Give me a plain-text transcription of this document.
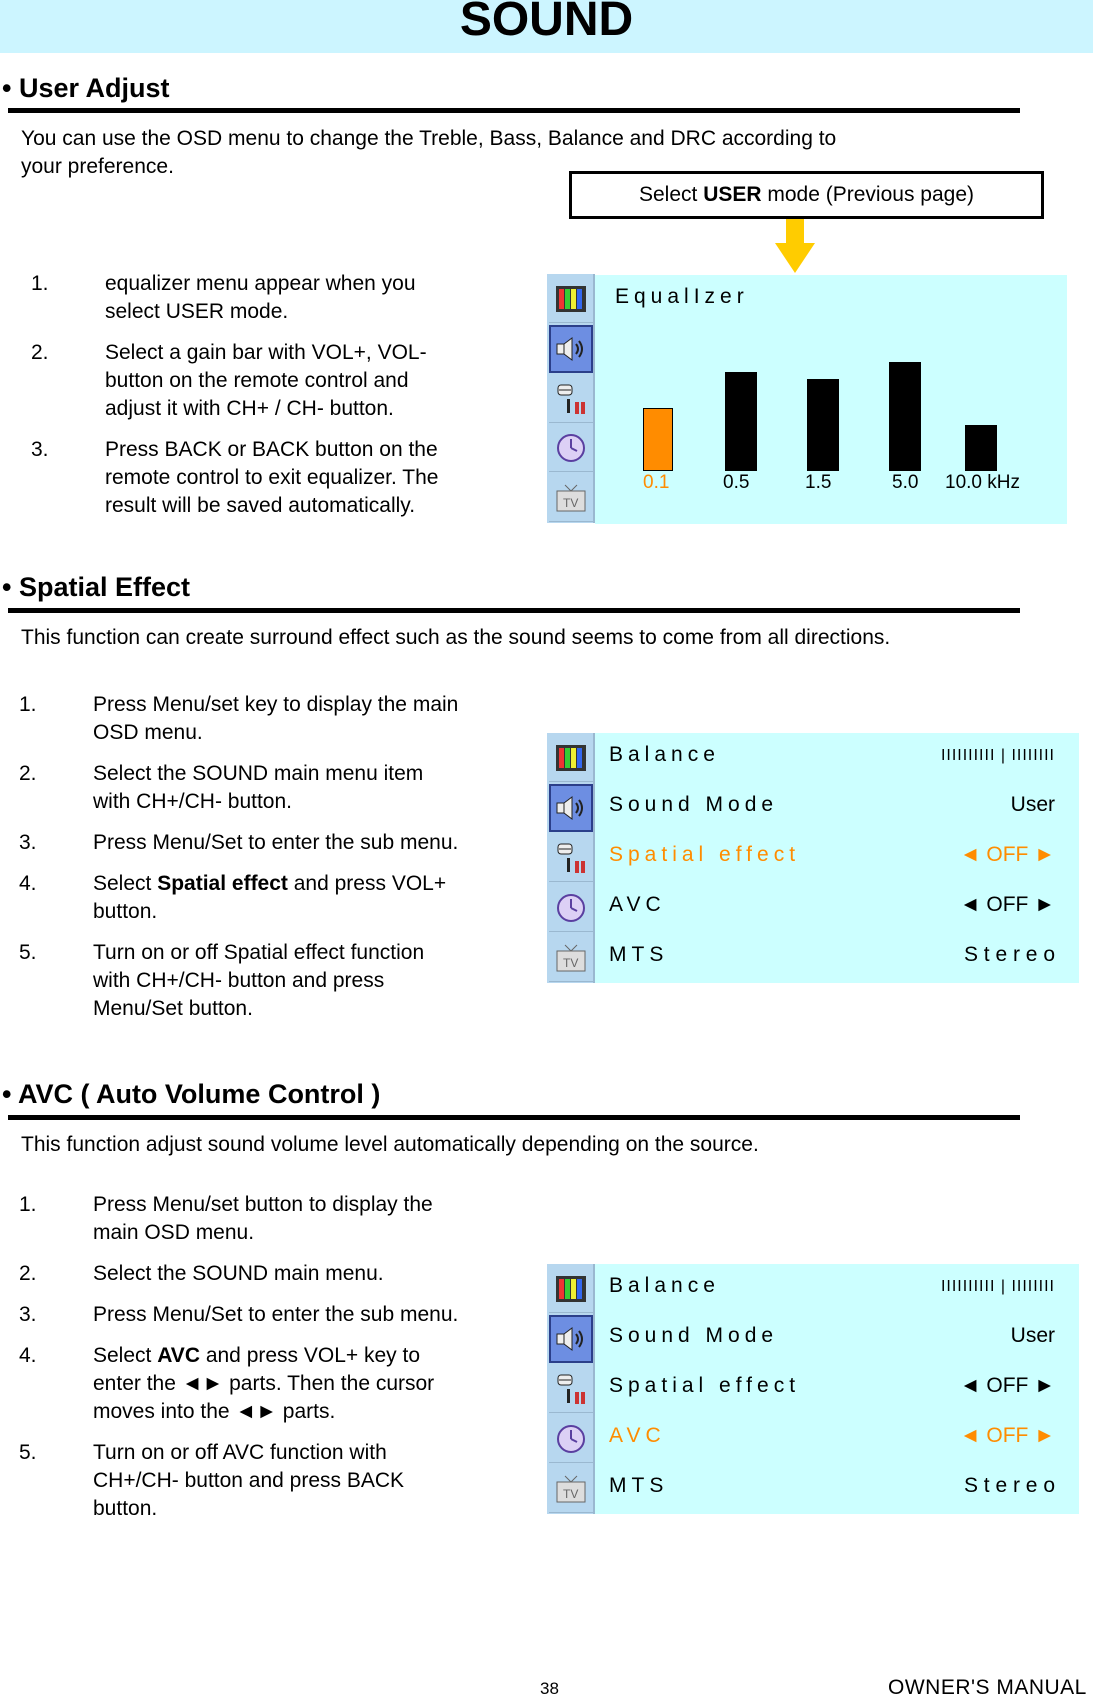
SOUND
• User Adjust
You can use the OSD menu to change the Treble, Bass, Balance and DRC according to
your preference.
Select USER mode (Previous page)
1.	equalizer menu appear when you
select USER mode.
2.	Select a gain bar with VOL+, VOL-
button on the remote control and
adjust it with CH+ / CH- button.
3.	Press BACK or BACK button on the
remote control to exit equalizer. The
result will be saved automatically.	TV
EqualIzer
0.1	0.5	1.5	5.0 10.0 kHz
• Spatial Effect
This function can create surround effect such as the sound seems to come from all directions.
1.	Press Menu/set key to display the main
OSD menu.
2.	Select the SOUND main menu item
with CH+/CH- button.
3.	Press Menu/Set to enter the sub menu.
4.	Select Spatial effect and press VOL+
button.
5.	Turn on or off Spatial effect function
with CH+/CH- button and press
Menu/Set button.
TV
Balance	IIIIIIIIII | IIIIIIII
Sound Mode	User
Spatial effect	◄ OFF ►
AVC	◄ OFF ►
MTS	S t e r e o
• AVC ( Auto Volume Control )
This function adjust sound volume level automatically depending on the source.
1.	Press Menu/set button to display the
main OSD menu.
2.	Select the SOUND main menu.
3.	Press Menu/Set to enter the sub menu.
4.	Select AVC and press VOL+ key to
enter the ◄► parts. Then the cursor
moves into the ◄► parts.
5.	Turn on or off AVC function with
CH+/CH- button and press BACK
button.
TV
Balance	IIIIIIIIII | IIIIIIII
Sound Mode	User
Spatial effect	◄ OFF ►
AVC	◄ OFF ►
MTS	S t e r e o
38	OWNER'S MANUAL
